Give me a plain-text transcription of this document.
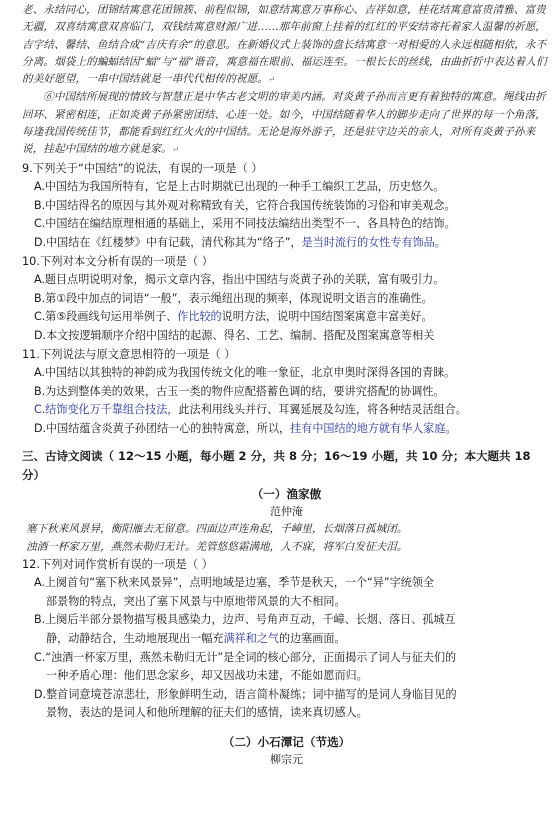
老、永结同心，团锦结寓意花团锦簇、前程似锦，如意结寓意万事称心、吉祥如意，桂花结寓意富贵清雅、富贵无疆，双喜结寓意双喜临门，双钱结寓意财源广进……那年前窗上挂着的红红的平安结寄托着家人温馨的祈愿，吉字结、馨结、鱼结合成“吉庆有余”的意思。在新婚仪式上装饰的盘长结寓意一对相爱的人永远相随相依，永不分离。烟袋上的蝙蝠结因“蝠”与“福”谐音，寓意福在眼前、福运连至。一根长长的丝线，由曲折折中表达着人们的美好愿望，一串中国结就是一串代代相传的祝愿。↵

⑥中国结所展现的情致与智慧正是中华古老文明的审美内涵。对炎黄子孙而言更有着独特的寓意。绳线由折回环、紧密相连，正如炎黄子孙紧密团结、心连一处。如今，中国结随着华人的脚步走向了世界的每一个角落，每逢我国传统佳节，都能看到红红火火的中国结。无论是海外游子，还是驻守边关的亲人，对所有炎黄子孙来说，挂起中国结的地方就是家。↵

9.下列关于“中国结”的说法，有误的一项是（ ）

A.中国结为我国所特有，它是上古时期就已出现的一种手工编织工艺品，历史悠久。

B.中国结得名的原因与其外观对称精致有关，它符合我国传统装饰的习俗和审美观念。

C.中国结在编结原理相通的基础上，采用不同技法编结出类型不一、各具特色的结饰。

D.中国结在《红楼梦》中有记载，清代称其为“络子”，是当时流行的女性专有饰品。

10.下列对本文分析有误的一项是（ ）

A.题目点明说明对象，揭示文章内容，指出中国结与炎黄子孙的关联，富有吸引力。

B.第①段中加点的词语“一般”，表示绳纽出现的频率，体现说明文语言的准确性。

C.第⑤段画线句运用举例子、作比较的说明方法，说明中国结图案寓意丰富美好。

D.本文按逻辑顺序介绍中国结的起源、得名、工艺、编制、搭配及图案寓意等相关

11.下列说法与原文意思相符的一项是（ ）

A.中国结以其独特的神韵成为我国传统文化的唯一象征，北京申奥时深得各国的青睐。

B.为达到整体美的效果，古玉一类的物件应配搭蓄色调的结，要讲究搭配的协调性。

C.结饰变化万千靠组合技法，此法利用线头并行、耳翼延展及勾连，将各种结灵活组合。

D.中国结蕴含炎黄子孙团结一心的独特寓意，所以，挂有中国结的地方就有华人家庭。

三、古诗文阅读（ 12～15 小题，每小题 2 分，共 8 分；16～19 小题，共 10 分；本大题共 18 分）

（一）渔家傲

范仲淹

塞下秋来风景异，衡阳雁去无留意。四面边声连角起，千嶂里，长烟落日孤城闭。

浊酒一杯家万里，燕然未勒归无计。羌管悠悠霜满地，人不寐，将军白发征夫泪。

12.下列对词作赏析有误的一项是（ ）

A.上阕首句“塞下秋来风景异”，点明地域是边塞，季节是秋天，一个“异”字统领全

部景物的特点，突出了塞下风景与中原地带风景的大不相同。

B.上阕后半部分景物描写极具感染力，边声、号角声互动，千嶂、长烟、落日、孤城互

静，动静结合，生动地展现出一幅充满祥和之气的边塞画面。

C.“浊酒一杯家万里，燕然未勒归无计”是全词的核心部分，正面揭示了词人与征夫们的

一种矛盾心理：他们思念家乡，却又因战功未建，不能如愿而归。

D.整首词意境苍凉悲壮，形象鲜明生动，语言简朴凝练；词中描写的是词人身临目见的

景物，表达的是词人和他所理解的征夫们的感情，读来真切感人。

（二）小石潭记（节选）

柳宗元
